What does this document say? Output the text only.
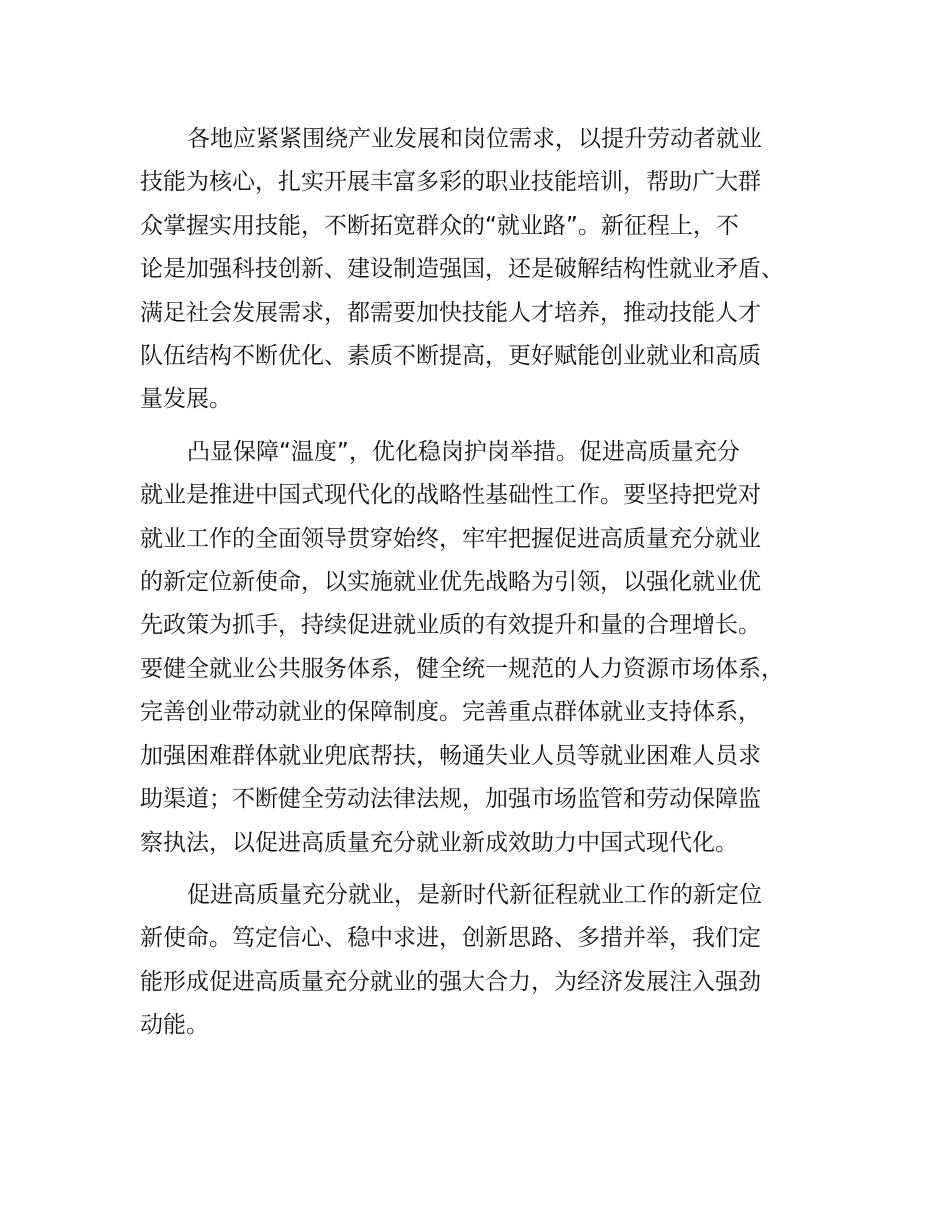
各地应紧紧围绕产业发展和岗位需求，以提升劳动者就业
技能为核心，扎实开展丰富多彩的职业技能培训，帮助广大群
众掌握实用技能，不断拓宽群众的“就业路”。新征程上，不
论是加强科技创新、建设制造强国，还是破解结构性就业矛盾、
满足社会发展需求，都需要加快技能人才培养，推动技能人才
队伍结构不断优化、素质不断提高，更好赋能创业就业和高质
量发展。

凸显保障“温度”，优化稳岗护岗举措。促进高质量充分
就业是推进中国式现代化的战略性基础性工作。要坚持把党对
就业工作的全面领导贯穿始终，牢牢把握促进高质量充分就业
的新定位新使命，以实施就业优先战略为引领，以强化就业优
先政策为抓手，持续促进就业质的有效提升和量的合理增长。
要健全就业公共服务体系，健全统一规范的人力资源市场体系，
完善创业带动就业的保障制度。完善重点群体就业支持体系，
加强困难群体就业兜底帮扶，畅通失业人员等就业困难人员求
助渠道；不断健全劳动法律法规，加强市场监管和劳动保障监
察执法，以促进高质量充分就业新成效助力中国式现代化。

促进高质量充分就业，是新时代新征程就业工作的新定位
新使命。笃定信心、稳中求进，创新思路、多措并举，我们定
能形成促进高质量充分就业的强大合力，为经济发展注入强劲
动能。
